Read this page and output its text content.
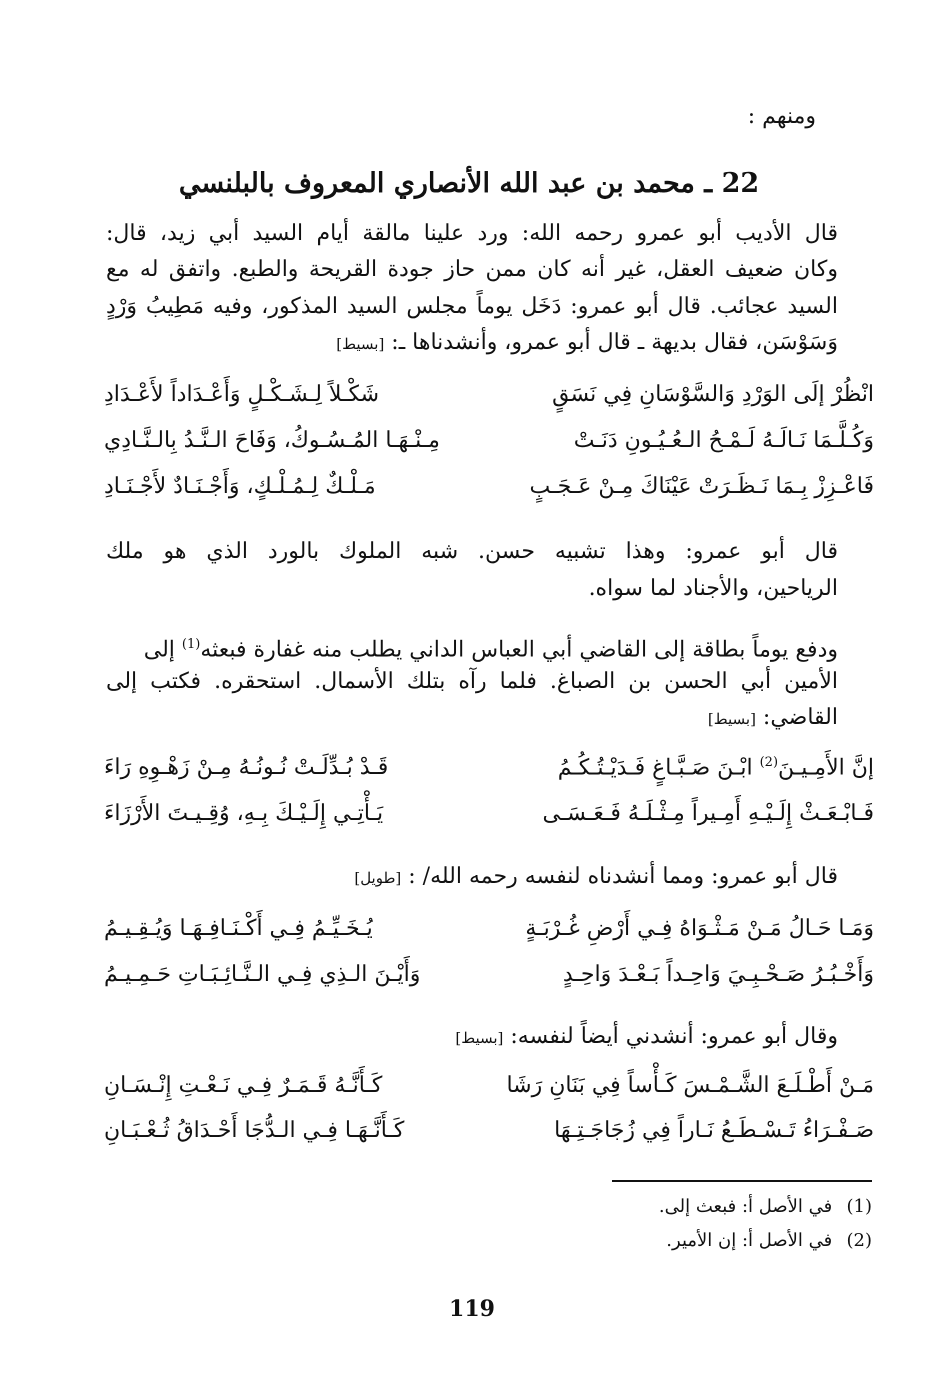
ومنهم :
22 ـ محمد بن عبد الله الأنصاري المعروف بالبلنسي
قال الأديب أبو عمرو رحمه الله: ورد علينا مالقة أيام السيد أبي زيد، قال:
وكان ضعيف العقل، غير أنه كان ممن حاز جودة القريحة والطبع. واتفق له مع
السيد عجائب. قال أبو عمرو: دَخَل يوماً مجلس السيد المذكور، وفيه مَطِيبُ وَرْدٍ
وَسَوْسَن، فقال بديهة ـ قال أبو عمرو، وأنشدناها ـ: [بسيط]
انْظُرْ إلَى الوَرْدِ وَالسَّوْسَانِ فِي نَسَقٍ
شَكْـلاً لِـشَـكْـلٍ وَأَعْـدَاداً لأَعْـدَادِ
وَكُـلَّـمَا نَـالَـهُ لَـمْـحُ الـعُـيُـونِ دَنَـتْ
مِـنْـهَـا المُـسُـوكُ، وَفَاحَ الـنَّـدُ بِالـنَّـادِي
فَاعْـزِزْ بِـمَا نَـظَـرَتْ عَيْنَاكَ مِـنْ عَـجَـبٍ
مَـلْـكٌ لِـمُـلْـكٍ، وَأَجْـنَـادٌ لأَجْـنَـادِ
قال أبو عمرو: وهذا تشبيه حسن. شبه الملوك بالورد الذي هو ملك
الرياحين، والأجناد لما سواه.
ودفع يوماً بطاقة إلى القاضي أبي العباس الداني يطلب منه غفارة فبعثه$^{(1)}$ إلى
الأمين أبي الحسن بن الصباغ. فلما رآه بتلك الأسمال. استحقره. فكتب إلى
القاضي: [بسيط]
إنَّ الأَمِـيـنَ$^{(2)}$ ابْـنَ صَـبَّـاغٍ فَـدَيْـتُـكُـمُ
قَـدْ بُـدِّلَـتْ نُـونُـهُ مِـنْ زَهْـوِهِ رَاءَ
فَـابْـعَـثْ إِلَـيْـهِ أَمِـيراً مِـثْـلَـهُ فَـعَـسَـى
يَـأْتِـي إِلَـيْـكَ بِـهِ، وُقِـيـتَ الأَرْزَاءَ
قال أبو عمرو: ومما أنشدناه لنفسه رحمه الله/ : [طويل]
وَمَـا حَـالُ مَـنْ مَـثْـوَاهُ فِـي أَرْضِ غُـرْبَـةٍ
يُـخَـيِّـمُ فِـي أَكْـنَـافِـهَـا وَيُـقِـيـمُ
وَأَخْـبُـرُ صَـحْـبِـيَ وَاحِـداً بَـعْـدَ وَاحِـدٍ
وَأَيْـنَ الـذِي فِـي الـنَّـائِـبَـاتِ حَـمِـيـمُ
وقال أبو عمرو: أنشدني أيضاً لنفسه: [بسيط]
مَـنْ أَطْـلَـعَ الشَّـمْـسَ كَـأْساً فِي بَنَانِ رَشَا
كَـأَنَّـهُ قَـمَـرٌ فِـي نَـعْـتِ إِنْـسَـانِ
صَـفْـرَاءُ تَـسْـطَـعُ نَـاراً فِي زُجَاجَـتِـهَا
كَـأَنَّـهَـا فِـي الـدُّجَا أَحْـدَاقُ ثُـعْـبَـانِ
(1) في الأصل أ: فبعث إلى.
(2) في الأصل أ: إن الأمير.
119
